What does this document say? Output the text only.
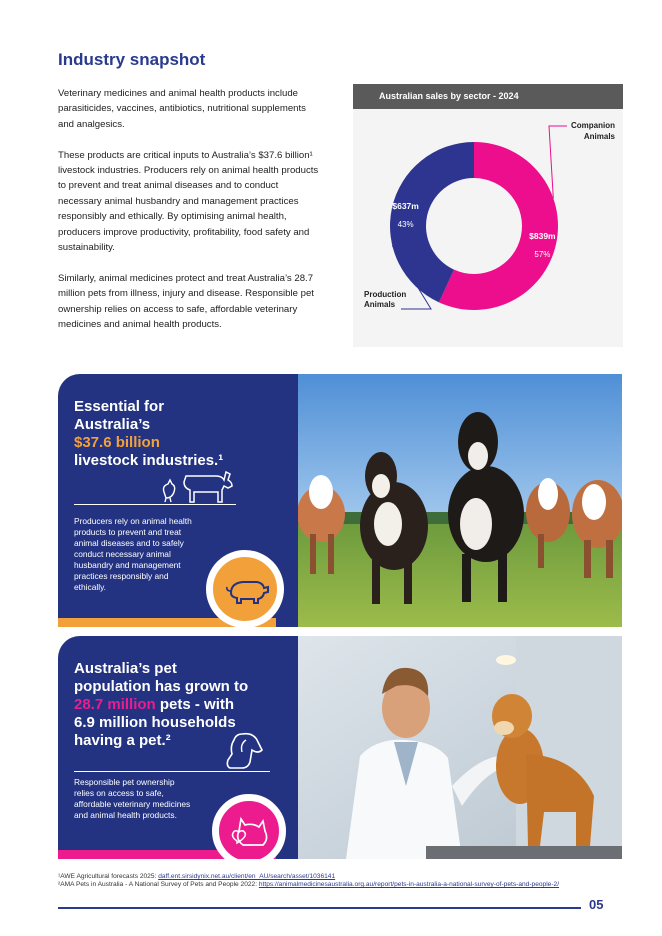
Industry snapshot

Veterinary medicines and animal health products include parasiticides, vaccines, antibiotics, nutritional supplements and analgesics.

These products are critical inputs to Australia’s $37.6 billion¹ livestock industries. Producers rely on animal health products to prevent and treat animal diseases and to conduct necessary animal husbandry and management practices responsibly and ethically. By optimising animal health, producers improve productivity, profitability, food safety and sustainability.

Similarly, animal medicines protect and treat Australia’s 28.7 million pets from illness, injury and disease. Responsible pet ownership relies on access to safe, affordable veterinary medicines and animal health products.

Australian sales by sector - 2024
$839m
57%
$637m
43%
Companion
Animals
Production
Animals
Essential for Australia’s
$37.6 billion
livestock industries.¹
Producers rely on animal health products to prevent and treat animal diseases and to safely conduct necessary animal husbandry and management practices responsibly and ethically.
Australia’s pet population has grown to 28.7 million pets - with 6.9 million households having a pet.²
Responsible pet ownership relies on access to safe, affordable veterinary medicines and animal health products.
¹AWE Agricultural forecasts 2025: daff.ent.sirsidynix.net.au/client/en_AU/search/asset/1036141
²AMA Pets in Australia - A National Survey of Pets and People 2022: https://animalmedicinesaustralia.org.au/report/pets-in-australia-a-national-survey-of-pets-and-people-2/
05
